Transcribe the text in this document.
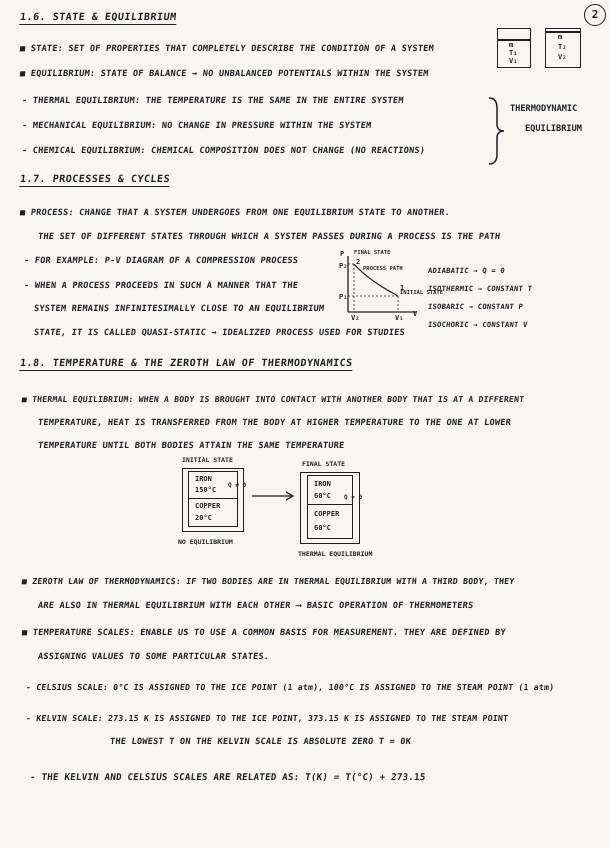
2
1.6. STATE & EQUILIBRIUM
■ STATE: SET OF PROPERTIES THAT COMPLETELY DESCRIBE THE CONDITION OF A SYSTEM
■ EQUILIBRIUM: STATE OF BALANCE → NO UNBALANCED POTENTIALS WITHIN THE SYSTEM
- THERMAL EQUILIBRIUM: THE TEMPERATURE IS THE SAME IN THE ENTIRE SYSTEM
- MECHANICAL EQUILIBRIUM: NO CHANGE IN PRESSURE WITHIN THE SYSTEM
- CHEMICAL EQUILIBRIUM: CHEMICAL COMPOSITION DOES NOT CHANGE (NO REACTIONS)
THERMODYNAMIC
EQUILIBRIUM
m
T₁
V₁
m
T₂
V₂
1.7. PROCESSES & CYCLES
■ PROCESS: CHANGE THAT A SYSTEM UNDERGOES FROM ONE EQUILIBRIUM STATE TO ANOTHER.
THE SET OF DIFFERENT STATES THROUGH WHICH A SYSTEM PASSES DURING A PROCESS IS THE PATH
- FOR EXAMPLE: P-V DIAGRAM OF A COMPRESSION PROCESS
- WHEN A PROCESS PROCEEDS IN SUCH A MANNER THAT THE
SYSTEM REMAINS INFINITESIMALLY CLOSE TO AN EQUILIBRIUM
STATE, IT IS CALLED QUASI-STATIC → IDEALIZED PROCESS USED FOR STUDIES
P FINAL STATE
PROCESS PATH
INITIAL STATE
P₂
P₁
V₂	V₁ V
2
1
ADIABATIC → Q = 0
ISOTHERMIC → CONSTANT T
ISOBARIC → CONSTANT P
ISOCHORIC → CONSTANT V
1.8. TEMPERATURE & THE ZEROTH LAW OF THERMODYNAMICS
■ THERMAL EQUILIBRIUM: WHEN A BODY IS BROUGHT INTO CONTACT WITH ANOTHER BODY THAT IS AT A DIFFERENT
TEMPERATURE, HEAT IS TRANSFERRED FROM THE BODY AT HIGHER TEMPERATURE TO THE ONE AT LOWER
TEMPERATURE UNTIL BOTH BODIES ATTAIN THE SAME TEMPERATURE
INITIAL STATE
IRON
150°C
COPPER
20°C
Q ≠ 0
NO EQUILIBRIUM
FINAL STATE
IRON
60°C
COPPER
60°C
Q = 0
THERMAL EQUILIBRIUM
■ ZEROTH LAW OF THERMODYNAMICS: IF TWO BODIES ARE IN THERMAL EQUILIBRIUM WITH A THIRD BODY, THEY
ARE ALSO IN THERMAL EQUILIBRIUM WITH EACH OTHER ⟶ BASIC OPERATION OF THERMOMETERS
■ TEMPERATURE SCALES: ENABLE US TO USE A COMMON BASIS FOR MEASUREMENT. THEY ARE DEFINED BY
ASSIGNING VALUES TO SOME PARTICULAR STATES.
- CELSIUS SCALE: 0°C IS ASSIGNED TO THE ICE POINT (1 atm), 100°C IS ASSIGNED TO THE STEAM POINT (1 atm)
- KELVIN SCALE: 273.15 K IS ASSIGNED TO THE ICE POINT, 373.15 K IS ASSIGNED TO THE STEAM POINT
THE LOWEST T ON THE KELVIN SCALE IS ABSOLUTE ZERO T = 0K
- THE KELVIN AND CELSIUS SCALES ARE RELATED AS: T(K) = T(°C) + 273.15
